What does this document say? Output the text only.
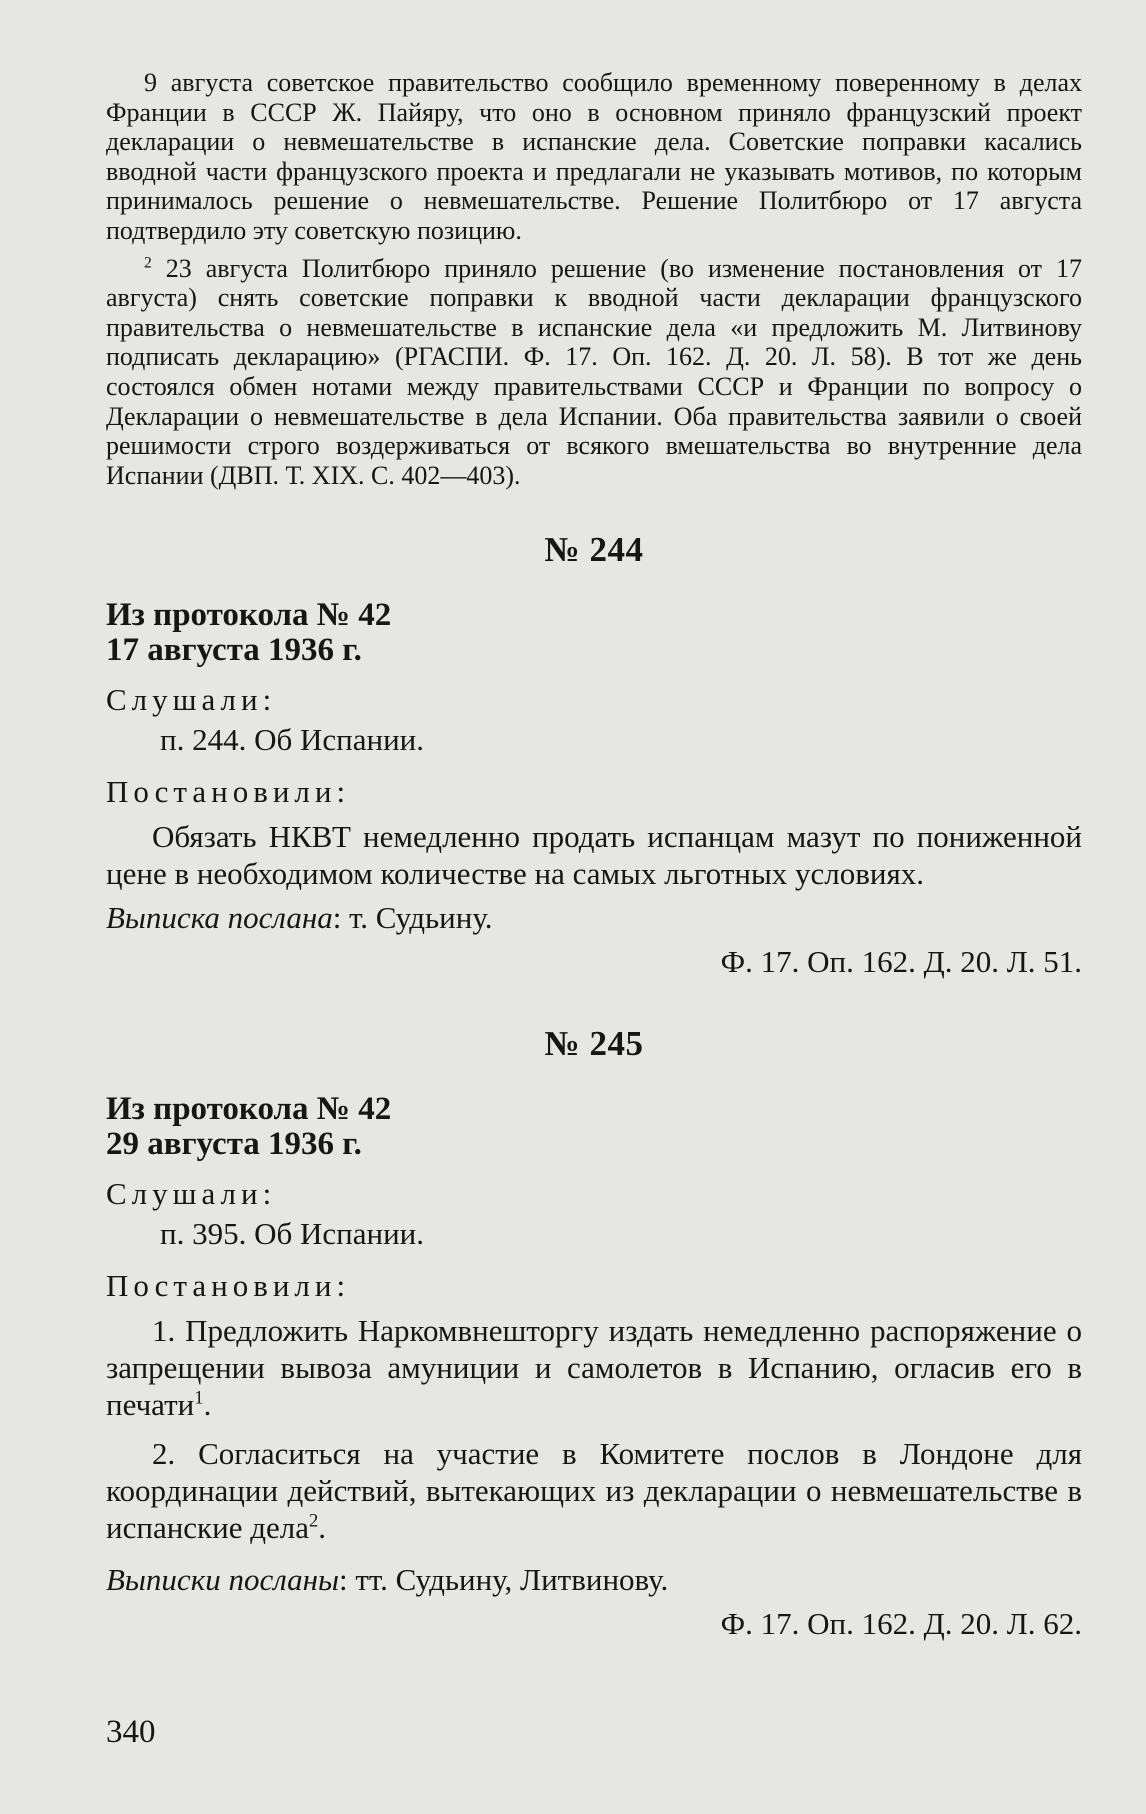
9 августа советское правительство сообщило временному поверенному в делах Франции в СССР Ж. Пайяру, что оно в основном приняло французский проект декларации о невмешательстве в испанские дела. Советские поправки касались вводной части французского проекта и предлагали не указывать мотивов, по которым принималось решение о невмешательстве. Решение Политбюро от 17 августа подтвердило эту советскую позицию.

$^2$ 23 августа Политбюро приняло решение (во изменение постановления от 17 августа) снять советские поправки к вводной части декларации французского правительства о невмешательстве в испанские дела «и предложить М. Литвинову подписать декларацию» (РГАСПИ. Ф. 17. Оп. 162. Д. 20. Л. 58). В тот же день состоялся обмен нотами между правительствами СССР и Франции по вопросу о Декларации о невмешательстве в дела Испании. Оба правительства заявили о своей решимости строго воздерживаться от всякого вмешательства во внутренние дела Испании (ДВП. Т. XIX. С. 402—403).

№ 244
Из протокола № 42
17 августа 1936 г.
Слушали:
п. 244. Об Испании.
Постановили:

Обязать НКВТ немедленно продать испанцам мазут по пониженной цене в необходимом количестве на самых льготных условиях.

Выписка послана: т. Судьину.
Ф. 17. Оп. 162. Д. 20. Л. 51.
№ 245
Из протокола № 42
29 августа 1936 г.
Слушали:
п. 395. Об Испании.
Постановили:

1. Предложить Наркомвнешторгу издать немедленно распоряжение о запрещении вывоза амуниции и самолетов в Испанию, огласив его в печати$^1$.

2. Согласиться на участие в Комитете послов в Лондоне для координации действий, вытекающих из декларации о невмешательстве в испанские дела$^2$.

Выписки посланы: тт. Судьину, Литвинову.
Ф. 17. Оп. 162. Д. 20. Л. 62.
340
